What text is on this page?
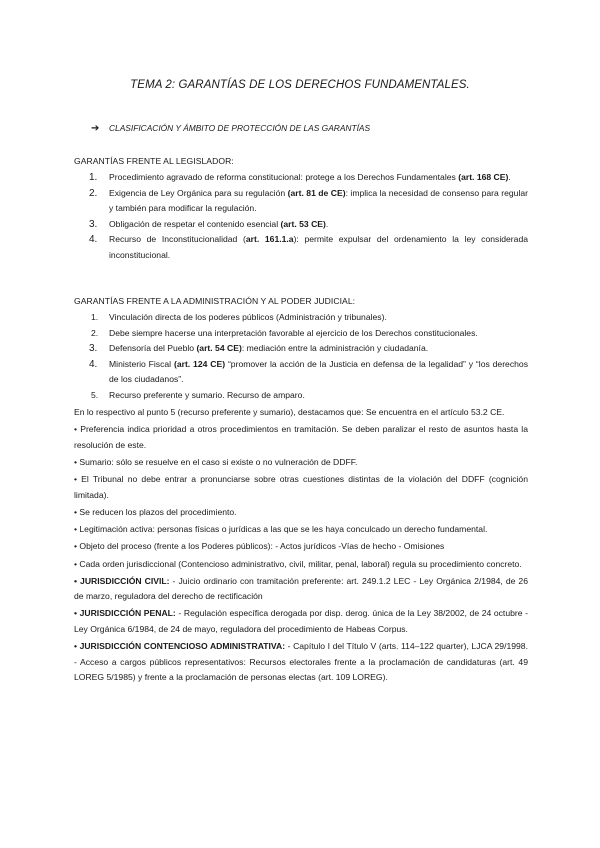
TEMA 2: GARANTÍAS DE LOS DERECHOS FUNDAMENTALES.
➔ CLASIFICACIÓN Y ÁMBITO DE PROTECCIÓN DE LAS GARANTÍAS
GARANTÍAS FRENTE AL LEGISLADOR:
1. Procedimiento agravado de reforma constitucional: protege a los Derechos Fundamentales (art. 168 CE).
2. Exigencia de Ley Orgánica para su regulación (art. 81 de CE): implica la necesidad de consenso para regular y también para modificar la regulación.
3. Obligación de respetar el contenido esencial (art. 53 CE).
4. Recurso de Inconstitucionalidad (art. 161.1.a): permite expulsar del ordenamiento la ley considerada inconstitucional.
GARANTÍAS FRENTE A LA ADMINISTRACIÓN Y AL PODER JUDICIAL:
1. Vinculación directa de los poderes públicos (Administración y tribunales).
2. Debe siempre hacerse una interpretación favorable al ejercicio de los Derechos constitucionales.
3. Defensoría del Pueblo (art. 54 CE): mediación entre la administración y ciudadanía.
4. Ministerio Fiscal (art. 124 CE) “promover la acción de la Justicia en defensa de la legalidad” y “los derechos de los ciudadanos”.
5. Recurso preferente y sumario. Recurso de amparo.

En lo respectivo al punto 5 (recurso preferente y sumario), destacamos que: Se encuentra en el artículo 53.2 CE.

• Preferencia indica prioridad a otros procedimientos en tramitación. Se deben paralizar el resto de asuntos hasta la resolución de este.

• Sumario: sólo se resuelve en el caso si existe o no vulneración de DDFF.

• El Tribunal no debe entrar a pronunciarse sobre otras cuestiones distintas de la violación del DDFF (cognición limitada).

• Se reducen los plazos del procedimiento.

• Legitimación activa: personas físicas o jurídicas a las que se les haya conculcado un derecho fundamental.

• Objeto del proceso (frente a los Poderes públicos): - Actos jurídicos -Vías de hecho - Omisiones

• Cada orden jurisdiccional (Contencioso administrativo, civil, militar, penal, laboral) regula su procedimiento concreto.

• JURISDICCIÓN CIVIL: - Juicio ordinario con tramitación preferente: art. 249.1.2 LEC - Ley Orgánica 2/1984, de 26 de marzo, reguladora del derecho de rectificación

• JURISDICCIÓN PENAL: - Regulación específica derogada por disp. derog. única de la Ley 38/2002, de 24 octubre - Ley Orgánica 6/1984, de 24 de mayo, reguladora del procedimiento de Habeas Corpus.

• JURISDICCIÓN CONTENCIOSO ADMINISTRATIVA: - Capítulo I del Título V (arts. 114–122 quarter), LJCA 29/1998. - Acceso a cargos públicos representativos: Recursos electorales frente a la proclamación de candidaturas (art. 49 LOREG 5/1985) y frente a la proclamación de personas electas (art. 109 LOREG).
